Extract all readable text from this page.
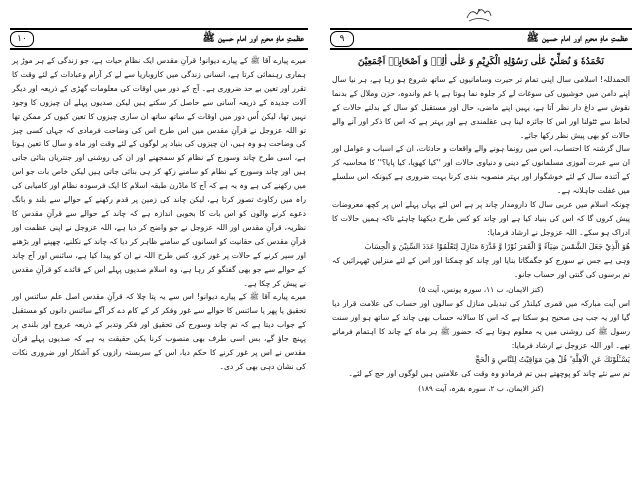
١٠	عظمتِ ماہِ محرم اور امام حسین ﷺ

میرے پیارے آقا ﷺ کے پیارے دیوانو! قرآنِ مقدس ایک نظامِ حیات ہے، جو زندگی کے ہر موڑ پر ہماری رہنمائی کرتا ہے، انسانی زندگی میں کاروباریا سے لے کر آرام وعبادات کے لئے وقت کا تقرر اور تعین بے حد ضروری ہے۔ آج کے دور میں اوقات کی معلومات گھڑی کے ذریعہ اور دیگر آلات جدیدہ کے ذریعہ آسانی سے حاصل کر سکتے ہیں لیکن صدیوں پہلے ان چیزوں کا وجود نہیں تھا، لیکن اُس دور میں اوقات کے ساتھ ساتھ ان ساری چیزوں کا تعین کیوں کر ممکن تھا تو اللہ عزوجل نے قرآنِ مقدس میں اس طرح اس کی وضاحت فرمادی کہ جہاں کسی چیز کی وضاحت ہو وہ ہیں، ان چیزوں کی بنیاد پر لوگوں کے لئے وقت اور ماہ و سال کا تعین ہوتا ہے، اسی طرح چاند وسورج کے نظام کو سمجھنے اور ان کی روشنی اور جنتریاں بنائی جاتی ہیں اور چاند وسورج کے نظام کو سامنے رکھ کر ہی بنائی جاتی ہیں لیکن خاص بات جو اس میں رکھنے کی ہے وہ یہ ہے کہ آج کا ماڈرن طبقہ اسلام کا ایک فرسودہ نظام اور کامیابی کی راہ میں رکاوٹ تصور کرتا ہے، لیکن چاند کی زمین پر قدم رکھنے کے حوالے سے بلند و بانگ دعوے کرنے والوں کو اس بات کا بخوبی اندازہ ہے کہ چاند کے حوالے سے قرآنِ مقدس کا نظریہ، قرآنِ مقدس اور اللہ عزوجل نے جو واضح کر دیا ہے، اللہ عزوجل نے اپنی عظمت اور قرآنِ مقدس کی حقانیت کو انسانوں کے سامنے ظاہر کر دیا کہ چاند کے نکلنے، چھپنے اور بڑھنے اور سیر کرنے کے حالات پر غور کرو، کس طرح اللہ نے ان کو پیدا کیا ہے، سائنس اور آج چاند کے حوالے سے جو بھی گفتگو کر رہا ہے، وہ اسلام صدیوں پہلے اس کے فائدے کو قرآنِ مقدس نے پیش کر چکا ہے۔

میرے پیارے آقا ﷺ کے پیارے دیوانو! اس سے یہ پتا چلا کہ قرآنِ مقدس اصل علم سائنس اور تحقیق یا پھر یا سائنس کا حوالے سے غور وفکر کر کے کام دے کر آگے سائنس دانوں کو مستقبل کے جواب دیتا ہے کہ تم چاند وسورج کی تحقیق اور فکر وتدبر کے ذریعہ عروج اور بلندی پر پہنچ جاؤ گے، بس اسی طرف بھی منصوب کرنا یکن حقیقت یہ ہے کہ صدیوں پہلے قرآن مقدس نے اس پر غور کرنے کا حکم دیا، اس کے سربستہ رازوں کو آشکار اور ضروری نکات کی نشان دہی بھی کر دی۔

٩	عظمتِ ماہِ محرم اور امام حسین ﷺ
نَحْمَدُهٗ وَ نُصَلِّيْ عَلٰى رَسُوْلِهِ الْكَرِيْمِ وَ عَلٰى اٰلِهٖ وَ اَصْحَابِهٖ اَجْمَعِيْنَ

الحمدللہ! اسلامی سال اپنی تمام تر حیرت وسامانیوں کے ساتھ شروع ہو رہا ہے، ہر نیا سال اپنے دامن میں خوشیوں کی سوغات لے کر جلوہ نما ہوتا ہے یا غم واندوہ، حزن وملال کے بدنما نقوش سے داغ دار نظر آتا ہے، یہیں اپنے ماضی، حال اور مستقبل کو سال کے بدلتے حالات کے لحاظ سے ٹٹولنا اور اس کا جائزہ لینا ہی عقلمندی ہے اور بہتر ہے کہ اس کا ذکر اور آنے والے حالات کو بھی پیش نظر رکھا جائے۔

سال گزشتہ کا احتساب، اس میں رونما ہونے والے واقعات و حادثات، ان کے اسباب و عوامل اور ان سے عبرت آموزی مسلمانوں کے دینی و دنیاوی حالات اور ''کیا کھویا، کیا پایا؟'' کا محاسبہ کر کے آئندہ سال کے لئے خوشگوار اور بہتر منصوبہ بندی کرنا بہت ضروری ہے کیونکہ اس سلسلے میں غفلت جاہلانہ ہے۔

چونکہ اسلام میں عربی سال کا دارومدار چاند پر ہے اس لئے یہاں پہلے اس پر کچھ معروضات پیش کروں گا کہ اس کی بنیاد کیا ہے اور چاند کو کس طرح دیکھنا چاہئے تاکہ ہمیں حالات کا ادراک ہو سکے۔ اللہ عزوجل نے ارشاد فرمایا:

هُوَ الَّذِيْ جَعَلَ الشَّمْسَ ضِيَآءً وَّ الْقَمَرَ نُوْرًا وَّ قَدَّرَهٗ مَنَازِلَ لِتَعْلَمُوْا عَدَدَ السِّنِيْنَ وَ الْحِسَابَ

وہی ہے جس نے سورج کو جگمگاتا بنایا اور چاند کو چمکتا اور اس کے لئے منزلیں ٹھہرائیں کہ تم برسوں کی گنتی اور حساب جانو۔

(کنز الایمان، ب ۱۱، سورہ یونس، آیت ۵)

اس آیت مبارکہ میں قمری کیلنڈر کی تبدیلی منازل کو سالوں اور حساب کی علامت قرار دیا گیا اور یہ جب ہی صحیح ہو سکتا ہے کہ اس کا سالانہ حساب بھی چاند کے ساتھ ہو اور سنت رسول ﷺ کی روشنی میں یہ معلوم ہوتا ہے کہ حضور ﷺ ہر ماہ کے چاند کا اہتمام فرماتے تھے۔ اور اللہ عزوجل نے ارشاد فرمایا:

يَسْـَٔلُوْنَكَ عَنِ الْاَهِلَّةِ ؕ قُلْ هِيَ مَوَاقِيْتُ لِلنَّاسِ وَ الْحَجِّ

تم سے نئے چاند کو پوچھتے ہیں تم فرمادو وہ وقت کی علامتیں ہیں لوگوں اور حج کے لئے۔

(کنز الایمان، ب ۲، سورہ بقرہ، آیت ۱۸۹)
